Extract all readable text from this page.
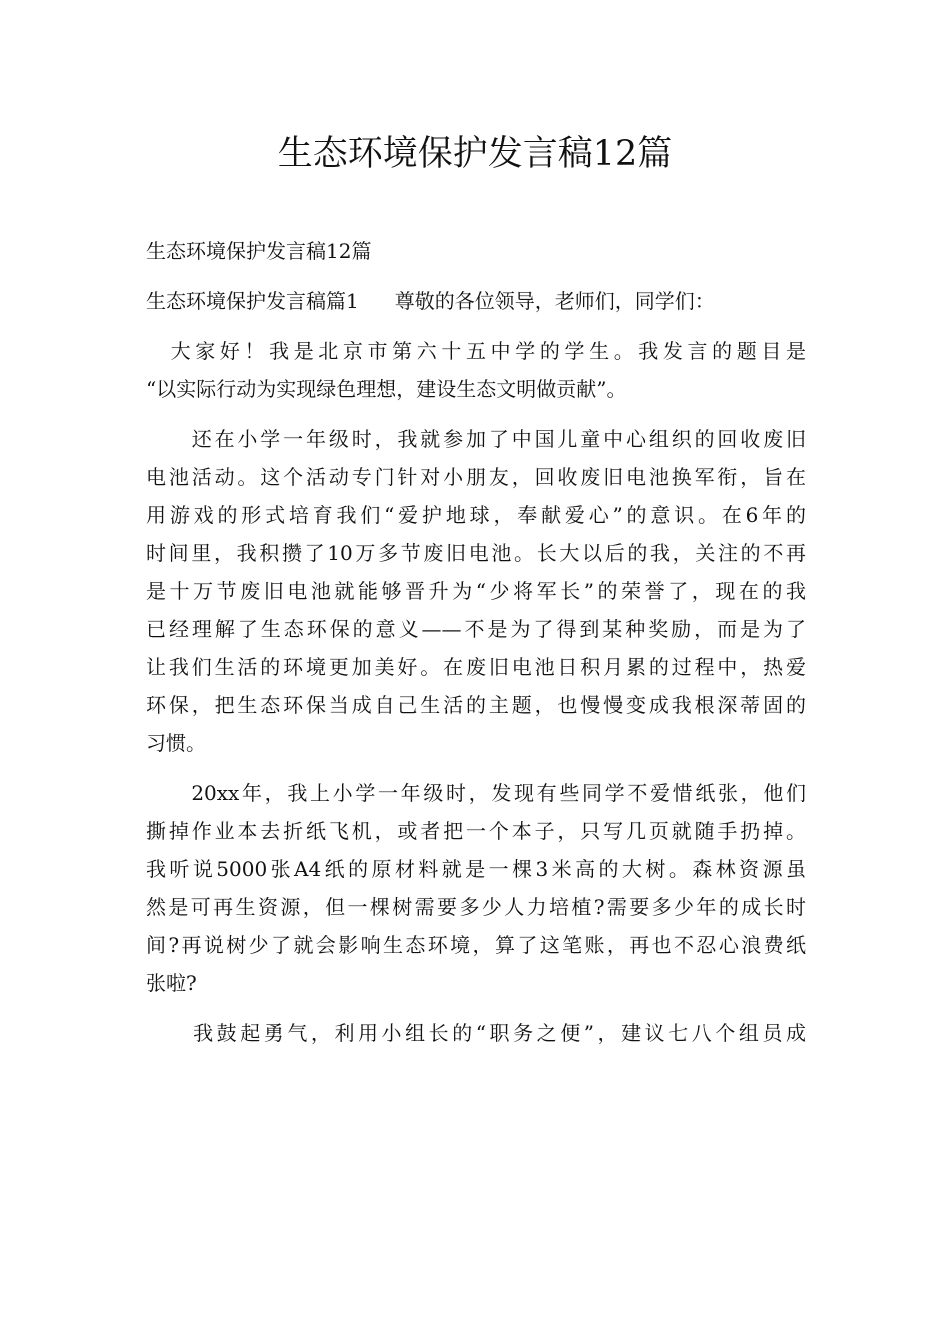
生态环境保护发言稿12篇

生态环境保护发言稿12篇

生态环境保护发言稿篇1 尊敬的各位领导，老师们，同学们：

　大家好！我是北京市第六十五中学的学生。我发言的题目是
“以实际行动为实现绿色理想，建设生态文明做贡献”。
　　还在小学一年级时，我就参加了中国儿童中心组织的回收废旧
电池活动。这个活动专门针对小朋友，回收废旧电池换军衔，旨在
用游戏的形式培育我们“爱护地球，奉献爱心”的意识。在6年的
时间里，我积攒了10万多节废旧电池。长大以后的我，关注的不再
是十万节废旧电池就能够晋升为“少将军长”的荣誉了，现在的我
已经理解了生态环保的意义——不是为了得到某种奖励，而是为了
让我们生活的环境更加美好。在废旧电池日积月累的过程中，热爱
环保，把生态环保当成自己生活的主题，也慢慢变成我根深蒂固的
习惯。
　　20xx年，我上小学一年级时，发现有些同学不爱惜纸张，他们
撕掉作业本去折纸飞机，或者把一个本子，只写几页就随手扔掉。
我听说5000张A4纸的原材料就是一棵3米高的大树。森林资源虽
然是可再生资源，但一棵树需要多少人力培植?需要多少年的成长时
间?再说树少了就会影响生态环境，算了这笔账，再也不忍心浪费纸
张啦?
　　我鼓起勇气，利用小组长的“职务之便”，建议七八个组员成
